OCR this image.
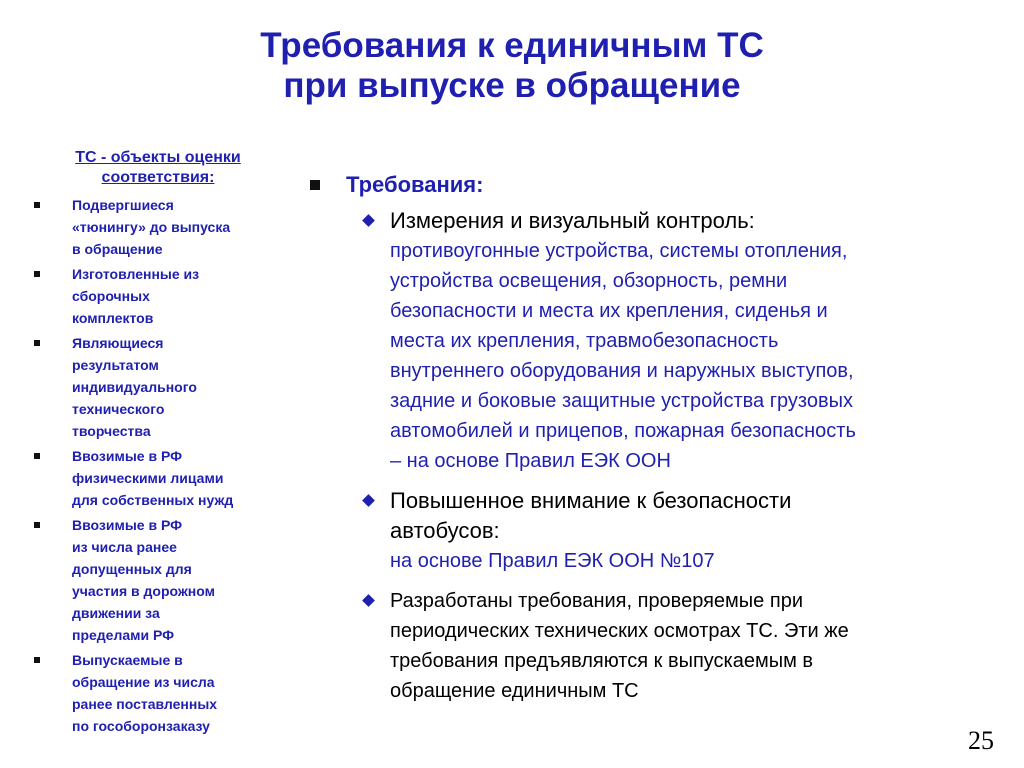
Требования к единичным ТС
при выпуске в обращение
ТС - объекты оценки
соответствия:
Подвергшиеся
«тюнингу» до выпуска
в обращение
Изготовленные из
сборочных
комплектов
Являющиеся
результатом
индивидуального
технического
творчества
Ввозимые в РФ
физическими лицами
для собственных нужд
Ввозимые в РФ
из числа ранее
допущенных для
участия в дорожном
движении за
пределами РФ
Выпускаемые в
обращение из числа
ранее поставленных
по гособоронзаказу
Требования:
Измерения и визуальный контроль:
противоугонные устройства, системы отопления,
устройства освещения, обзорность, ремни
безопасности и места их крепления, сиденья и
места их крепления, травмобезопасность
внутреннего оборудования и наружных выступов,
задние и боковые защитные устройства грузовых
автомобилей и прицепов, пожарная безопасность
– на основе Правил ЕЭК ООН
Повышенное внимание к безопасности
автобусов:
на основе Правил ЕЭК ООН №107
Разработаны требования, проверяемые при
периодических технических осмотрах ТС. Эти же
требования предъявляются к выпускаемым в
обращение единичным ТС
25
